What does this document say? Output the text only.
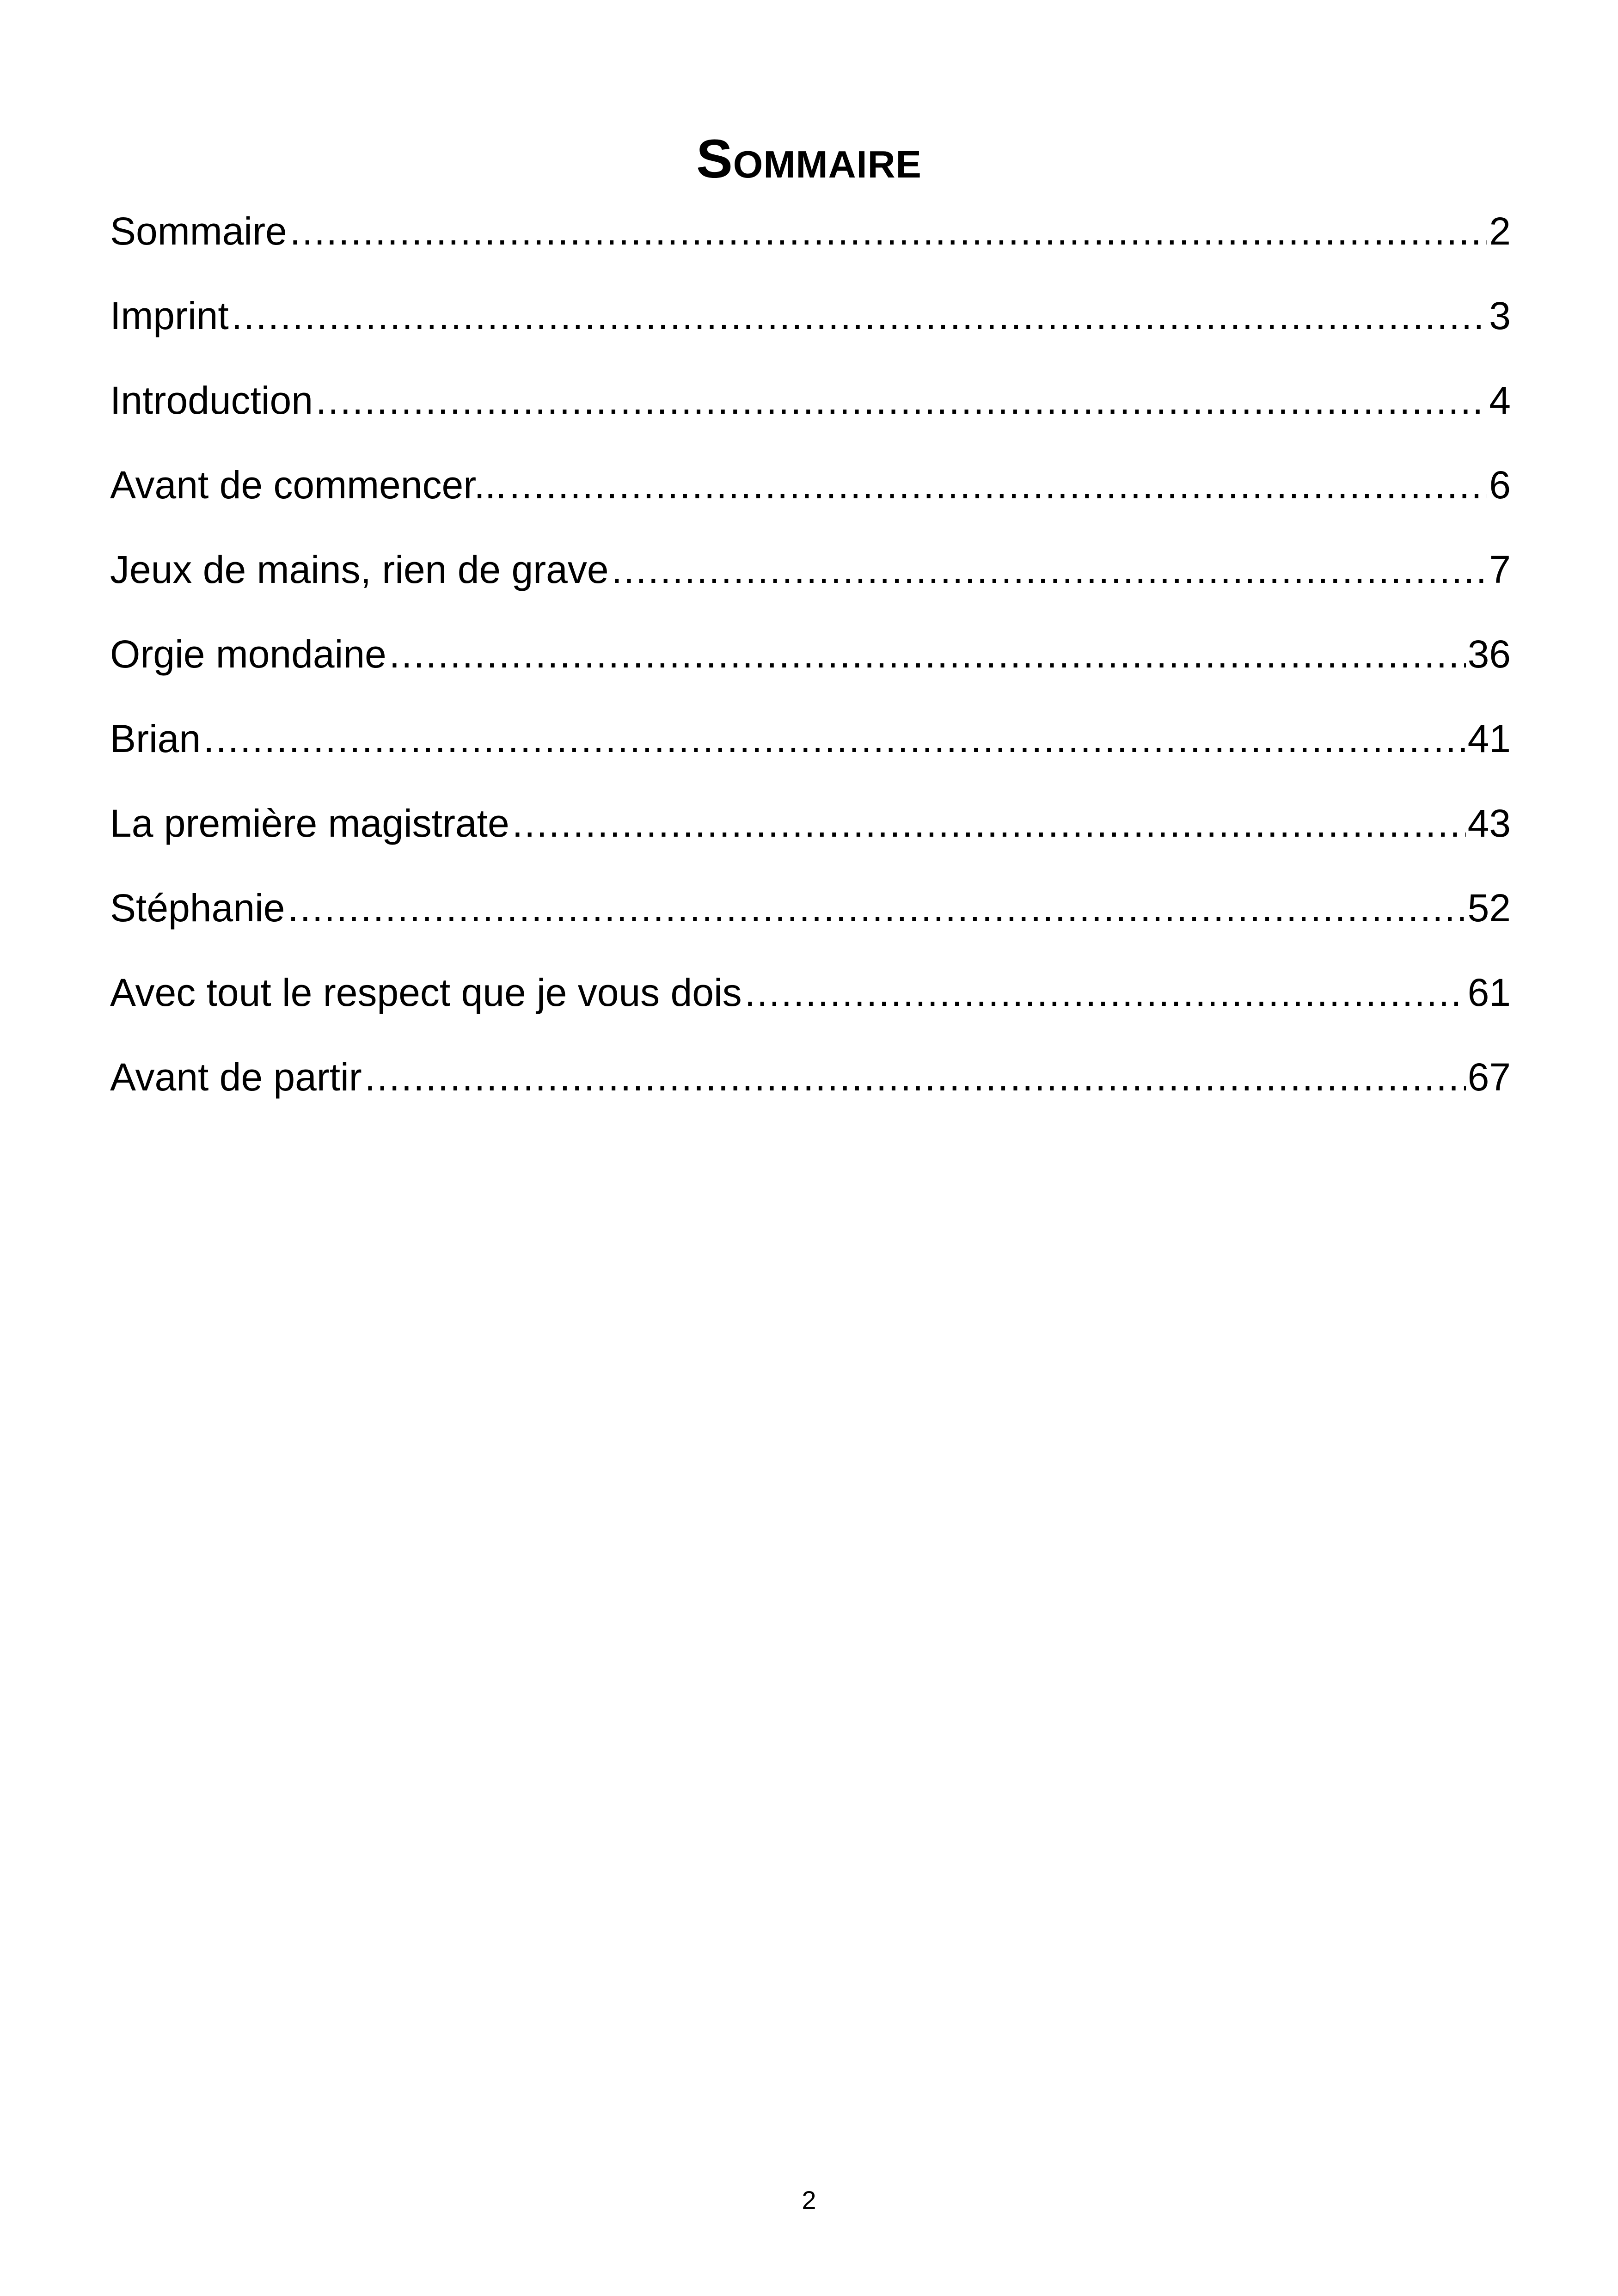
Sommaire
Sommaire .....	2
Imprint .....	3
Introduction .....	4
Avant de commencer... .....	6
Jeux de mains, rien de grave .....	7
Orgie mondaine .....	36
Brian .....	41
La première magistrate .....	43
Stéphanie .....	52
Avec tout le respect que je vous dois .....	61
Avant de partir .....	67
2
